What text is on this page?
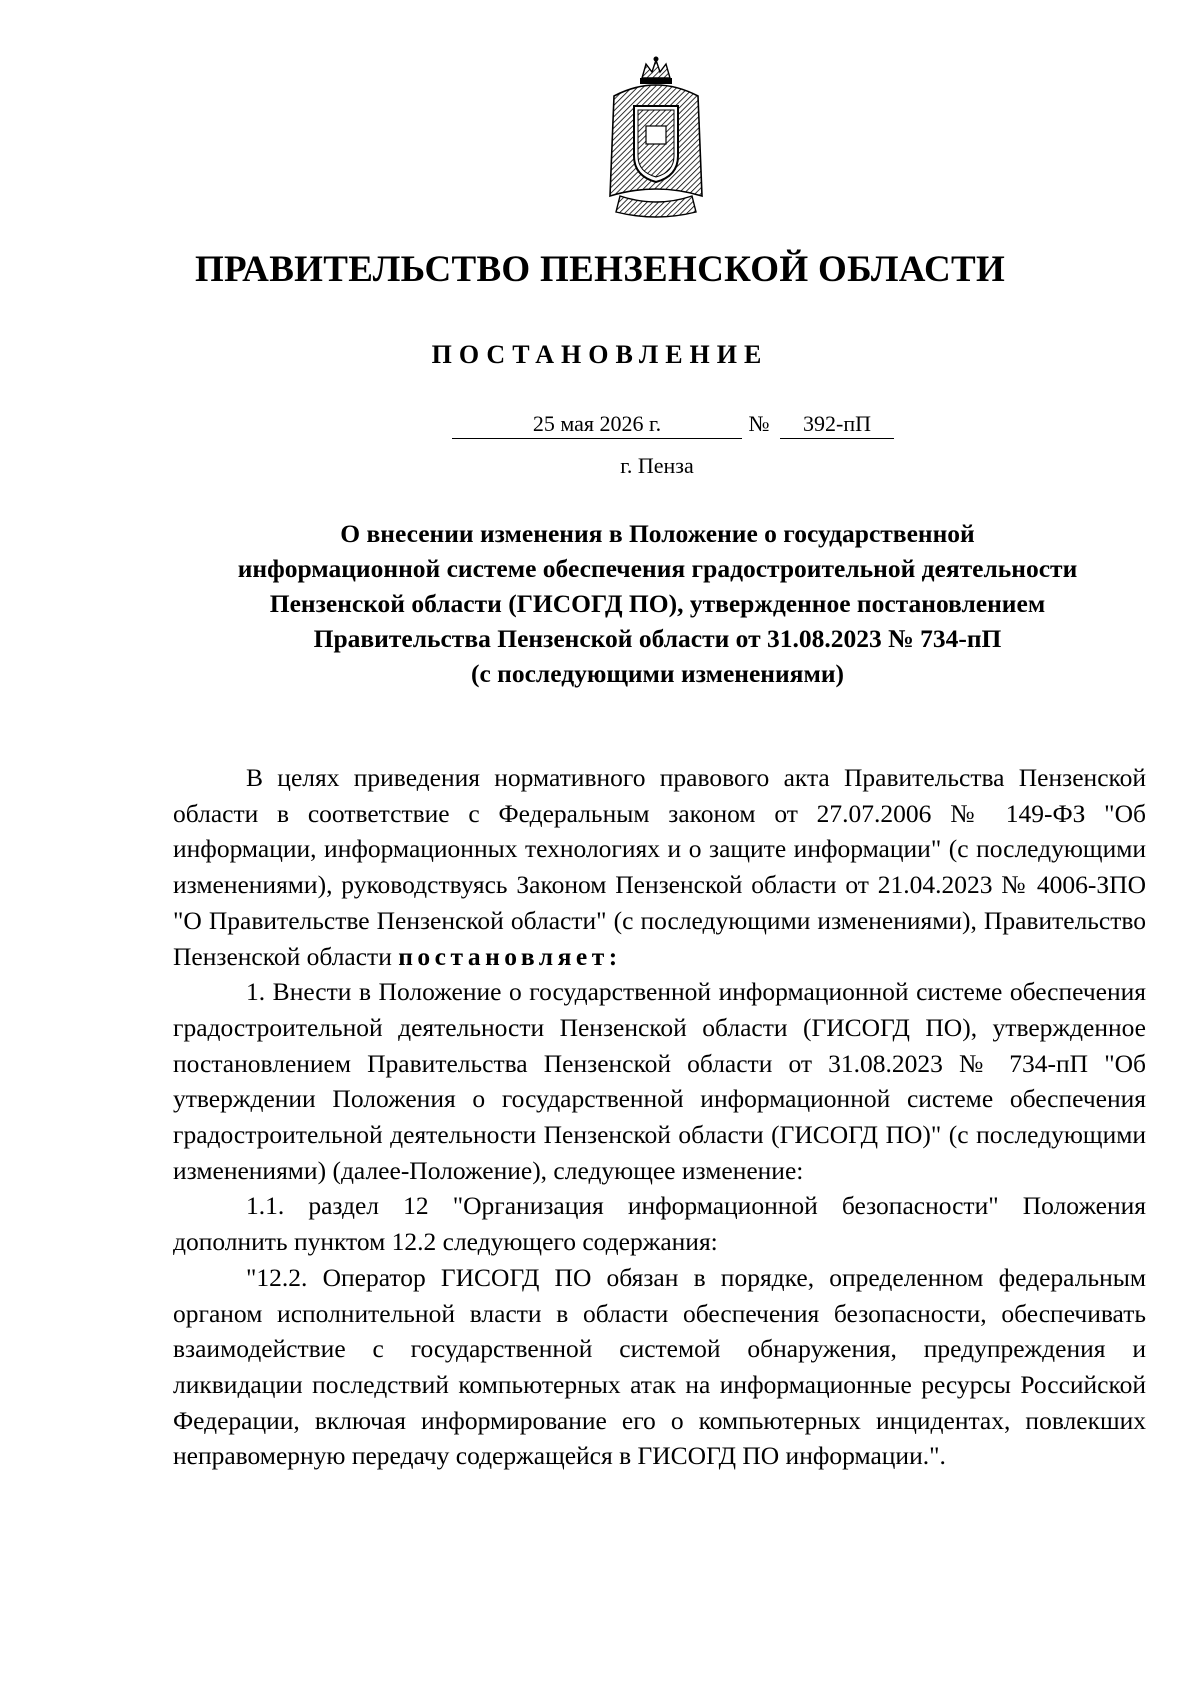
ПРАВИТЕЛЬСТВО ПЕНЗЕНСКОЙ ОБЛАСТИ
ПОСТАНОВЛЕНИЕ
25 мая 2026 г.	№	392-пП
г. Пенза
О внесении изменения в Положение о государственной
информационной системе обеспечения градостроительной деятельности
Пензенской области (ГИСОГД ПО), утвержденное постановлением
Правительства Пензенской области от 31.08.2023 № 734-пП
(с последующими изменениями)

В целях приведения нормативного правового акта Правительства Пензенской области в соответствие с Федеральным законом от 27.07.2006 № 149-ФЗ "Об информации, информационных технологиях и о защите информации" (с последующими изменениями), руководствуясь Законом Пензенской области от 21.04.2023 № 4006-ЗПО "О Правительстве Пензенской области" (с последующими изменениями), Правительство Пензенской области постановляет:

1. Внести в Положение о государственной информационной системе обеспечения градостроительной деятельности Пензенской области (ГИСОГД ПО), утвержденное постановлением Правительства Пензенской области от 31.08.2023 № 734-пП "Об утверждении Положения о государственной информационной системе обеспечения градостроительной деятельности Пензенской области (ГИСОГД ПО)" (с последующими изменениями) (далее-Положение), следующее изменение:

1.1. раздел 12 "Организация информационной безопасности" Положения дополнить пунктом 12.2 следующего содержания:

"12.2. Оператор ГИСОГД ПО обязан в порядке, определенном федеральным органом исполнительной власти в области обеспечения безопасности, обеспечивать взаимодействие с государственной системой обнаружения, предупреждения и ликвидации последствий компьютерных атак на информационные ресурсы Российской Федерации, включая информирование его о компьютерных инцидентах, повлекших неправомерную передачу содержащейся в ГИСОГД ПО информации.".
